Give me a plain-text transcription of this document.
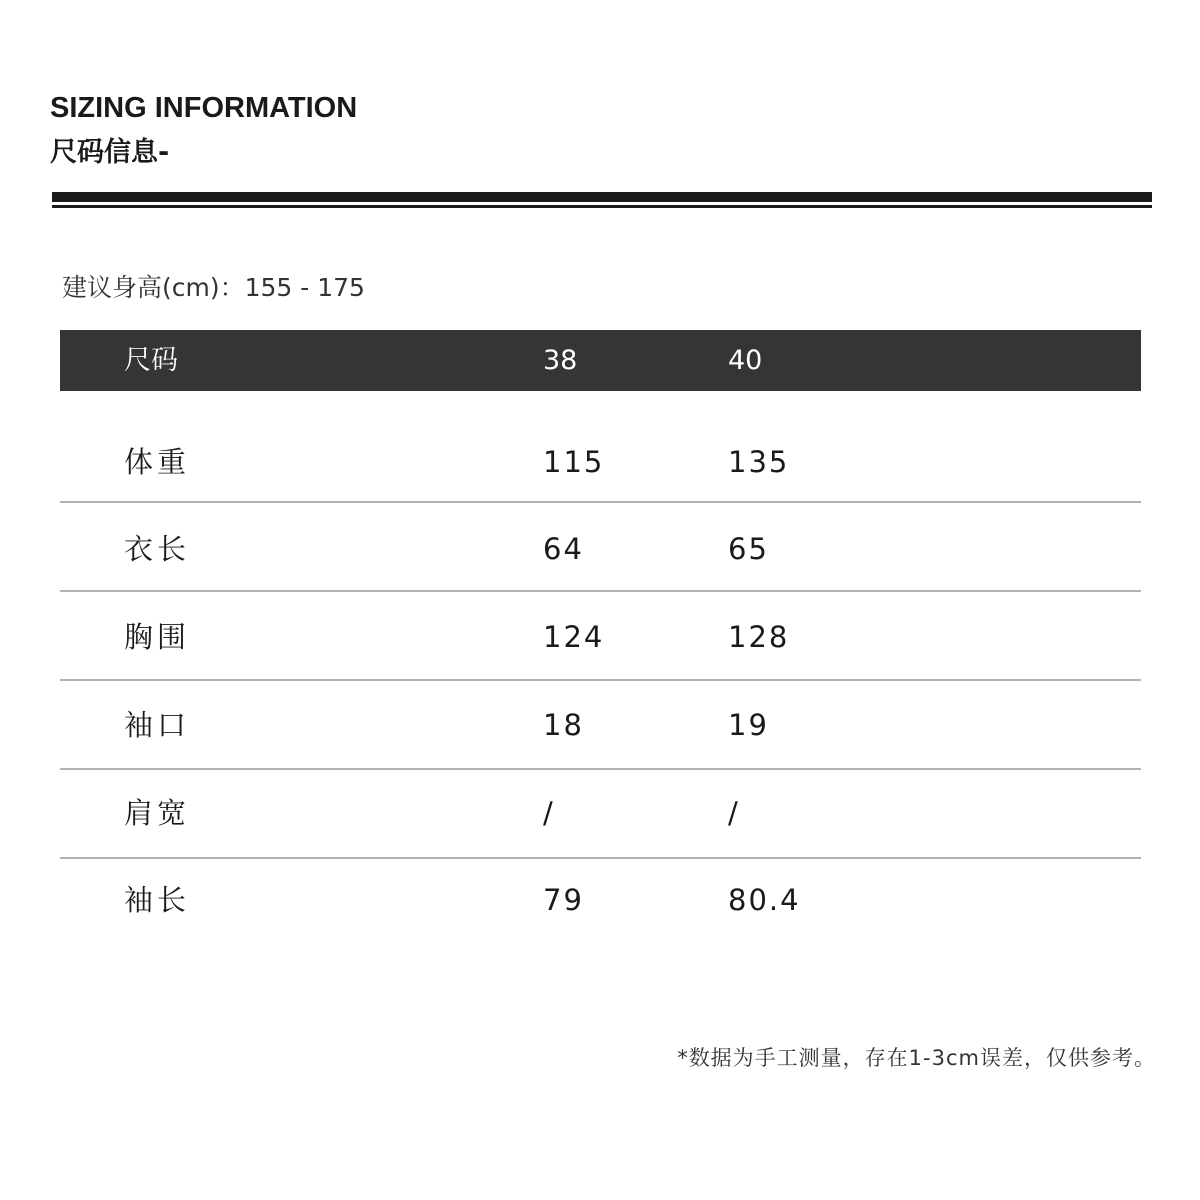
SIZING INFORMATION
尺码信息-
建议身高(cm)：155 - 175
尺码	38	40
体重	115	135
衣长	64	65
胸围	124	128
袖口	18	19
肩宽	/	/
袖长	79	80.4
*数据为手工测量，存在1-3cm误差，仅供参考。
